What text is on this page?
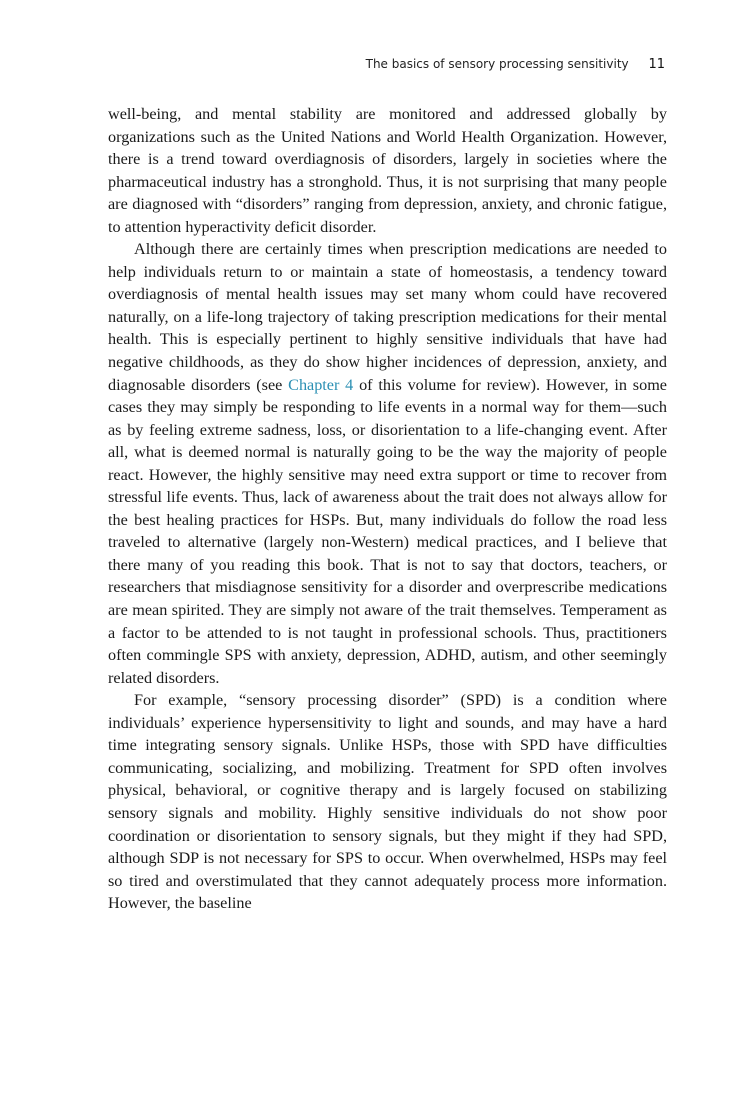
The basics of sensory processing sensitivity 11

well-being, and mental stability are monitored and addressed globally by organizations such as the United Nations and World Health Organization. However, there is a trend toward overdiagnosis of disorders, largely in societies where the pharmaceutical industry has a stronghold. Thus, it is not surprising that many people are diagnosed with “disorders” ranging from depression, anxiety, and chronic fatigue, to attention hyperactivity deficit disorder.

Although there are certainly times when prescription medications are needed to help individuals return to or maintain a state of homeostasis, a tendency toward overdiagnosis of mental health issues may set many whom could have recovered naturally, on a life-long trajectory of taking prescription medications for their mental health. This is especially pertinent to highly sensitive individuals that have had negative childhoods, as they do show higher incidences of depression, anxiety, and diagnosable disorders (see Chapter 4 of this volume for review). However, in some cases they may simply be responding to life events in a normal way for them—such as by feeling extreme sadness, loss, or disorientation to a life-changing event. After all, what is deemed normal is naturally going to be the way the majority of people react. However, the highly sensitive may need extra support or time to recover from stressful life events. Thus, lack of awareness about the trait does not always allow for the best healing practices for HSPs. But, many individuals do follow the road less traveled to alternative (largely non-Western) medical practices, and I believe that there many of you reading this book. That is not to say that doctors, teachers, or researchers that misdiagnose sensitivity for a disorder and overprescribe medications are mean spirited. They are simply not aware of the trait themselves. Temperament as a factor to be attended to is not taught in professional schools. Thus, practitioners often commingle SPS with anxiety, depression, ADHD, autism, and other seemingly related disorders.

For example, “sensory processing disorder” (SPD) is a condition where individuals’ experience hypersensitivity to light and sounds, and may have a hard time integrating sensory signals. Unlike HSPs, those with SPD have difficulties communicating, socializing, and mobilizing. Treatment for SPD often involves physical, behavioral, or cognitive therapy and is largely focused on stabilizing sensory signals and mobility. Highly sensitive individuals do not show poor coordination or disorientation to sensory signals, but they might if they had SPD, although SDP is not necessary for SPS to occur. When overwhelmed, HSPs may feel so tired and overstimulated that they cannot adequately process more information. However, the baseline
